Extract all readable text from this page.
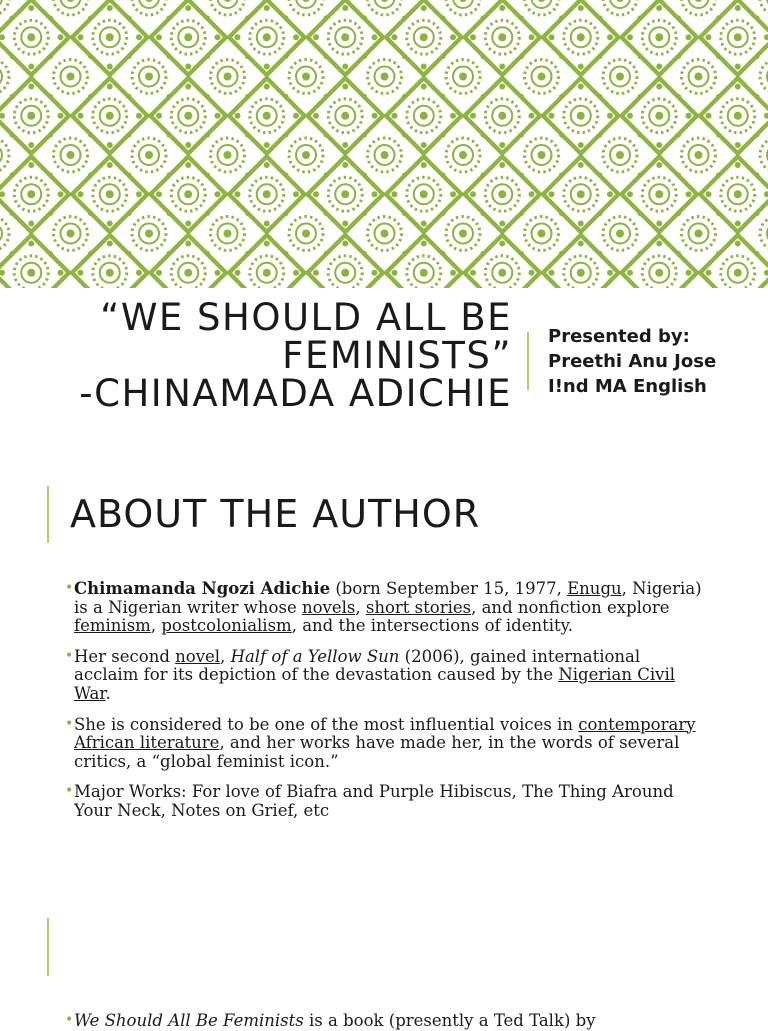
“WE SHOULD ALL BE
FEMINISTS”
-CHINAMADA ADICHIE
Presented by:
Preethi Anu Jose
I!nd MA English
ABOUT THE AUTHOR
• Chimamanda Ngozi Adichie (born September 15, 1977, Enugu, Nigeria) is a Nigerian writer whose novels, short stories, and nonfiction explore feminism, postcolonialism, and the intersections of identity.
• Her second novel, Half of a Yellow Sun (2006), gained international acclaim for its depiction of the devastation caused by the Nigerian Civil War.
• She is considered to be one of the most influential voices in contemporary African literature, and her works have made her, in the words of several critics, a “global feminist icon.”
• Major Works: For love of Biafra and Purple Hibiscus, The Thing Around Your Neck, Notes on Grief, etc
• We Should All Be Feminists is a book (presently a Ted Talk) by
